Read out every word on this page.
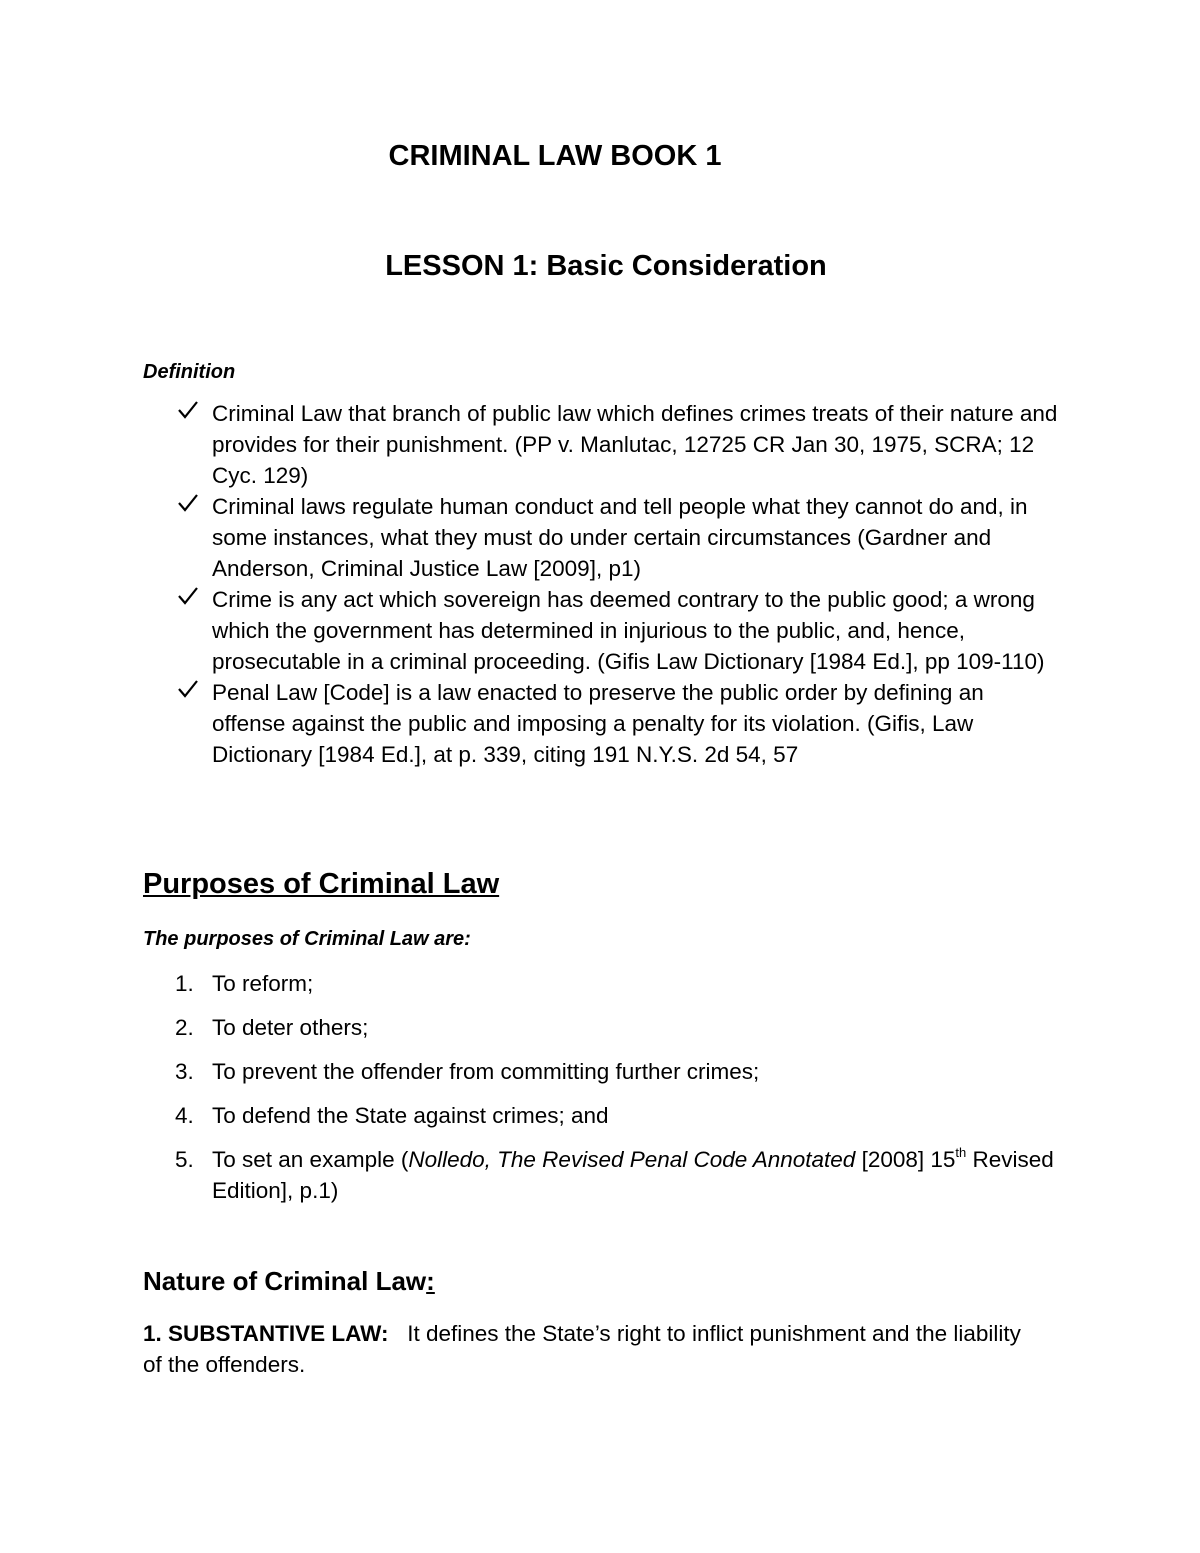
CRIMINAL LAW BOOK 1
LESSON 1: Basic Consideration

Definition

Criminal Law that branch of public law which defines crimes treats of their nature and provides for their punishment. (PP v. Manlutac, 12725 CR Jan 30, 1975, SCRA; 12 Cyc. 129)
Criminal laws regulate human conduct and tell people what they cannot do and, in some instances, what they must do under certain circumstances (Gardner and Anderson, Criminal Justice Law [2009], p1)
Crime is any act which sovereign has deemed contrary to the public good; a wrong which the government has determined in injurious to the public, and, hence, prosecutable in a criminal proceeding. (Gifis Law Dictionary [1984 Ed.], pp 109-110)
Penal Law [Code] is a law enacted to preserve the public order by defining an offense against the public and imposing a penalty for its violation. (Gifis, Law Dictionary [1984 Ed.], at p. 339, citing 191 N.Y.S. 2d 54, 57
Purposes of Criminal Law

The purposes of Criminal Law are:

1. To reform;
2. To deter others;
3. To prevent the offender from committing further crimes;
4. To defend the State against crimes; and
5. To set an example (Nolledo, The Revised Penal Code Annotated [2008] 15th Revised Edition], p.1)
Nature of Criminal Law:

1. SUBSTANTIVE LAW:   It defines the State’s right to inflict punishment and the liability of the offenders.
